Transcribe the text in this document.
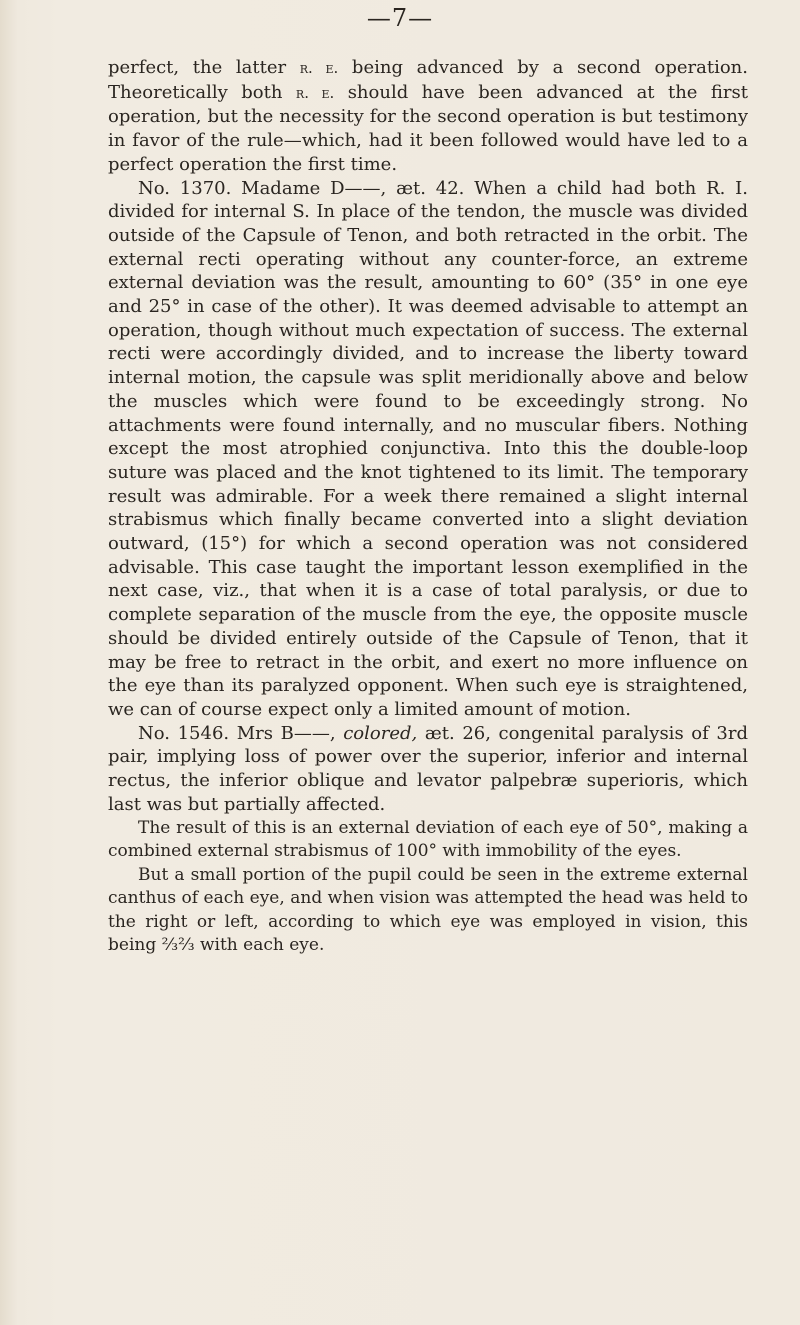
—7—

perfect, the latter r. e. being advanced by a second operation. Theoretically both r. e. should have been advanced at the first operation, but the necessity for the second operation is but testimony in favor of the rule—which, had it been followed would have led to a perfect operation the first time.

No. 1370. Madame D——, æt. 42. When a child had both R. I. divided for internal S. In place of the tendon, the muscle was divided outside of the Capsule of Tenon, and both retracted in the orbit. The external recti operating without any counter-force, an extreme external deviation was the result, amounting to 60° (35° in one eye and 25° in case of the other). It was deemed advisable to attempt an operation, though without much expectation of success. The external recti were accordingly divided, and to increase the liberty toward internal motion, the capsule was split meridionally above and below the muscles which were found to be exceedingly strong. No attachments were found internally, and no muscular fibers. Nothing except the most atrophied conjunctiva. Into this the double-loop suture was placed and the knot tightened to its limit. The temporary result was admirable. For a week there remained a slight internal strabismus which finally became converted into a slight deviation outward, (15°) for which a second operation was not considered advisable. This case taught the important lesson exemplified in the next case, viz., that when it is a case of total paralysis, or due to complete separation of the muscle from the eye, the opposite muscle should be divided entirely outside of the Capsule of Tenon, that it may be free to retract in the orbit, and exert no more influence on the eye than its paralyzed opponent. When such eye is straightened, we can of course expect only a limited amount of motion.

No. 1546. Mrs B——, colored, æt. 26, congenital paralysis of 3rd pair, implying loss of power over the superior, inferior and internal rectus, the inferior oblique and levator palpebræ superioris, which last was but partially affected.

The result of this is an external deviation of each eye of 50°, making a combined external strabismus of 100° with immobility of the eyes.

But a small portion of the pupil could be seen in the extreme external canthus of each eye, and when vision was attempted the head was held to the right or left, according to which eye was employed in vision, this being ⅔⅔ with each eye.
